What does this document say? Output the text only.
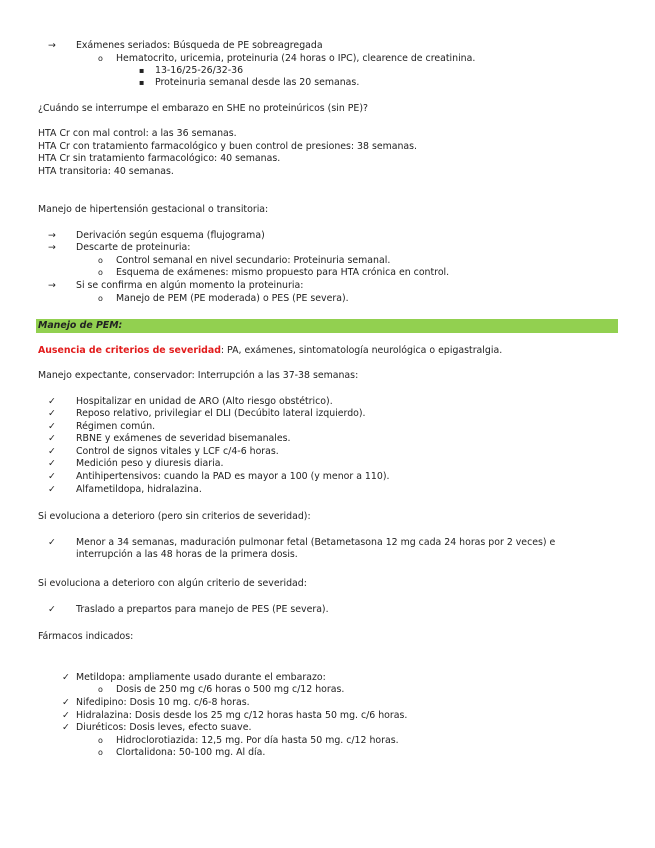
→ Exámenes seriados: Búsqueda de PE sobreagregada
o Hematocrito, uricemia, proteinuria (24 horas o IPC), clearence de creatinina.
▪ 13-16/25-26/32-36
▪ Proteinuria semanal desde las 20 semanas.
¿Cuándo se interrumpe el embarazo en SHE no proteinúricos (sin PE)?
HTA Cr con mal control: a las 36 semanas.
HTA Cr con tratamiento farmacológico y buen control de presiones: 38 semanas.
HTA Cr sin tratamiento farmacológico: 40 semanas.
HTA transitoria: 40 semanas.
Manejo de hipertensión gestacional o transitoria:
→ Derivación según esquema (flujograma)
→ Descarte de proteinuria:
o Control semanal en nivel secundario: Proteinuria semanal.
o Esquema de exámenes: mismo propuesto para HTA crónica en control.
→ Si se confirma en algún momento la proteinuria:
o Manejo de PEM (PE moderada) o PES (PE severa).
Manejo de PEM:
Ausencia de criterios de severidad: PA, exámenes, sintomatología neurológica o epigastralgia.
Manejo expectante, conservador: Interrupción a las 37-38 semanas:
✓ Hospitalizar en unidad de ARO (Alto riesgo obstétrico).
✓ Reposo relativo, privilegiar el DLI (Decúbito lateral izquierdo).
✓ Régimen común.
✓ RBNE y exámenes de severidad bisemanales.
✓ Control de signos vitales y LCF c/4-6 horas.
✓ Medición peso y diuresis diaria.
✓ Antihipertensivos: cuando la PAD es mayor a 100 (y menor a 110).
✓ Alfametildopa, hidralazina.
Si evoluciona a deterioro (pero sin criterios de severidad):
✓ Menor a 34 semanas, maduración pulmonar fetal (Betametasona 12 mg cada 24 horas por 2 veces) e
interrupción a las 48 horas de la primera dosis.
Si evoluciona a deterioro con algún criterio de severidad:
✓ Traslado a prepartos para manejo de PES (PE severa).
Fármacos indicados:
✓ Metildopa: ampliamente usado durante el embarazo:
o Dosis de 250 mg c/6 horas o 500 mg c/12 horas.
✓ Nifedipino: Dosis 10 mg. c/6-8 horas.
✓ Hidralazina: Dosis desde los 25 mg c/12 horas hasta 50 mg. c/6 horas.
✓ Diuréticos: Dosis leves, efecto suave.
o Hidroclorotiazida: 12,5 mg. Por día hasta 50 mg. c/12 horas.
o Clortalidona: 50-100 mg. Al día.
